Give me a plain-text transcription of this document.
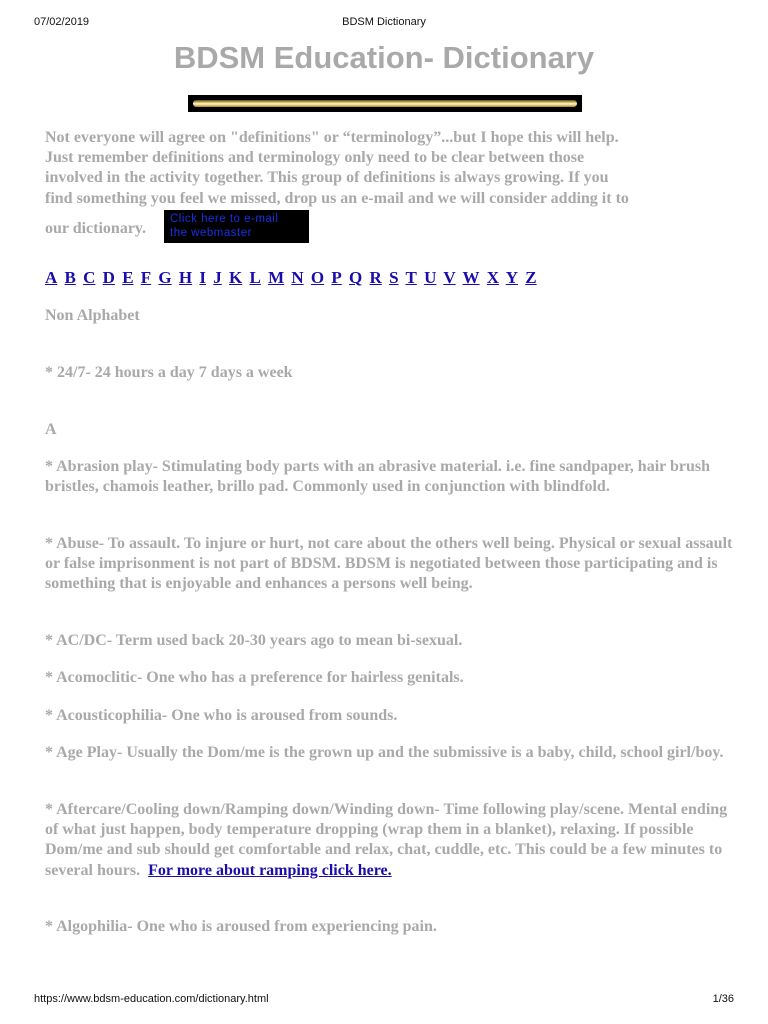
07/02/2019	BDSM Dictionary
BDSM Education- Dictionary

Not everyone will agree on "definitions" or “terminology”...but I hope this will help.

Just remember definitions and terminology only need to be clear between those

involved in the activity together. This group of definitions is always growing. If you

find something you feel we missed, drop us an e-mail and we will consider adding it to

our dictionary.

Click here to e-mail
the webmaster
A B C D E F G H I J K L M N O P Q R S T U V W X Y Z

Non Alphabet

* 24/7- 24 hours a day 7 days a week

A

* Abrasion play- Stimulating body parts with an abrasive material. i.e. fine sandpaper, hair brush bristles, chamois leather, brillo pad. Commonly used in conjunction with blindfold.

* Abuse- To assault. To injure or hurt, not care about the others well being. Physical or sexual assault or false imprisonment is not part of BDSM. BDSM is negotiated between those participating and is something that is enjoyable and enhances a persons well being.

* AC/DC- Term used back 20-30 years ago to mean bi-sexual.

* Acomoclitic- One who has a preference for hairless genitals.

* Acousticophilia- One who is aroused from sounds.

* Age Play- Usually the Dom/me is the grown up and the submissive is a baby, child, school girl/boy.

* Aftercare/Cooling down/Ramping down/Winding down- Time following play/scene. Mental ending of what just happen, body temperature dropping (wrap them in a blanket), relaxing. If possible Dom/me and sub should get comfortable and relax, chat, cuddle, etc. This could be a few minutes to several hours. For more about ramping click here.

* Algophilia- One who is aroused from experiencing pain.

https://www.bdsm-education.com/dictionary.html	1/36
